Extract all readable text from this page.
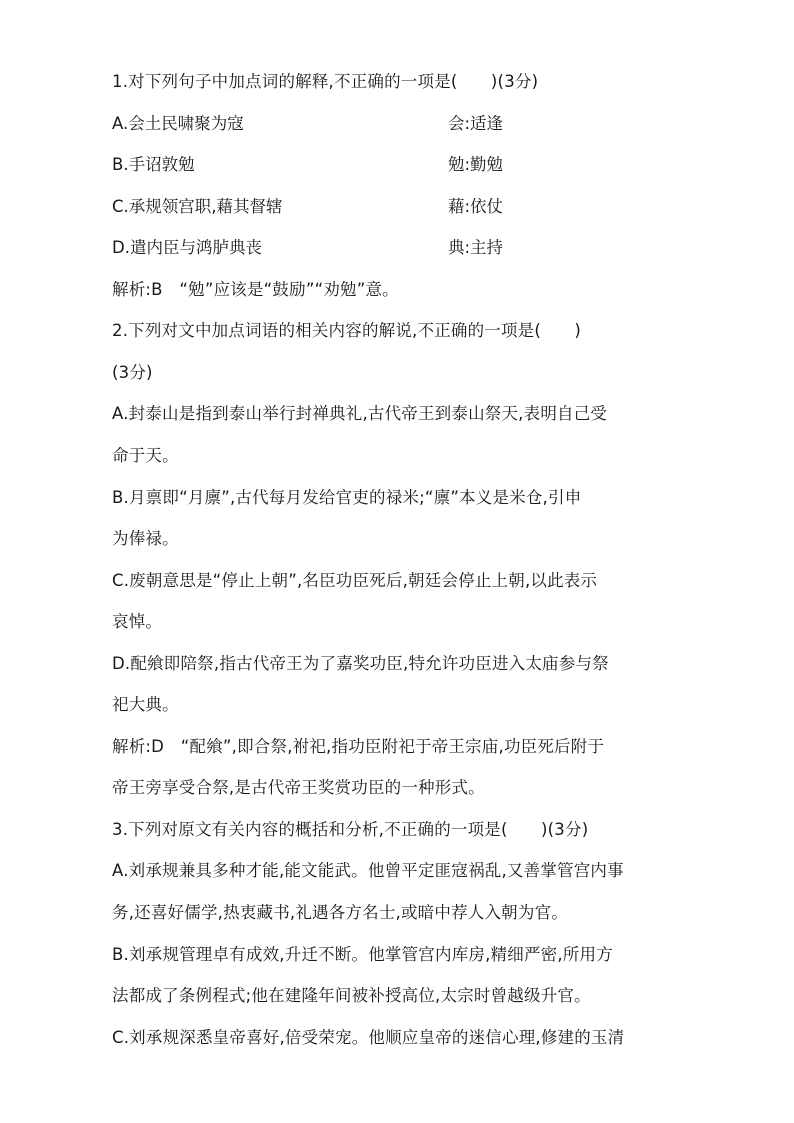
1.对下列句子中加点词的解释,不正确的一项是(　　)(3分)
A.会土民啸聚为寇	会:适逢
B.手诏敦勉	勉:勤勉
C.承规领宫职,藉其督辖	藉:依仗
D.遣内臣与鸿胪典丧	典:主持
解析:B　“勉”应该是“鼓励”“劝勉”意。
2.下列对文中加点词语的相关内容的解说,不正确的一项是(　　)
(3分)
A.封泰山是指到泰山举行封禅典礼,古代帝王到泰山祭天,表明自己受
命于天。
B.月禀即“月廪”,古代每月发给官吏的禄米;“廪”本义是米仓,引申
为俸禄。
C.废朝意思是“停止上朝”,名臣功臣死后,朝廷会停止上朝,以此表示
哀悼。
D.配飨即陪祭,指古代帝王为了嘉奖功臣,特允许功臣进入太庙参与祭
祀大典。
解析:D　“配飨”,即合祭,祔祀,指功臣附祀于帝王宗庙,功臣死后附于
帝王旁享受合祭,是古代帝王奖赏功臣的一种形式。
3.下列对原文有关内容的概括和分析,不正确的一项是(　　)(3分)
A.刘承规兼具多种才能,能文能武。他曾平定匪寇祸乱,又善掌管宫内事
务,还喜好儒学,热衷藏书,礼遇各方名士,或暗中荐人入朝为官。
B.刘承规管理卓有成效,升迁不断。他掌管宫内库房,精细严密,所用方
法都成了条例程式;他在建隆年间被补授高位,太宗时曾越级升官。
C.刘承规深悉皇帝喜好,倍受荣宠。他顺应皇帝的迷信心理,修建的玉清
